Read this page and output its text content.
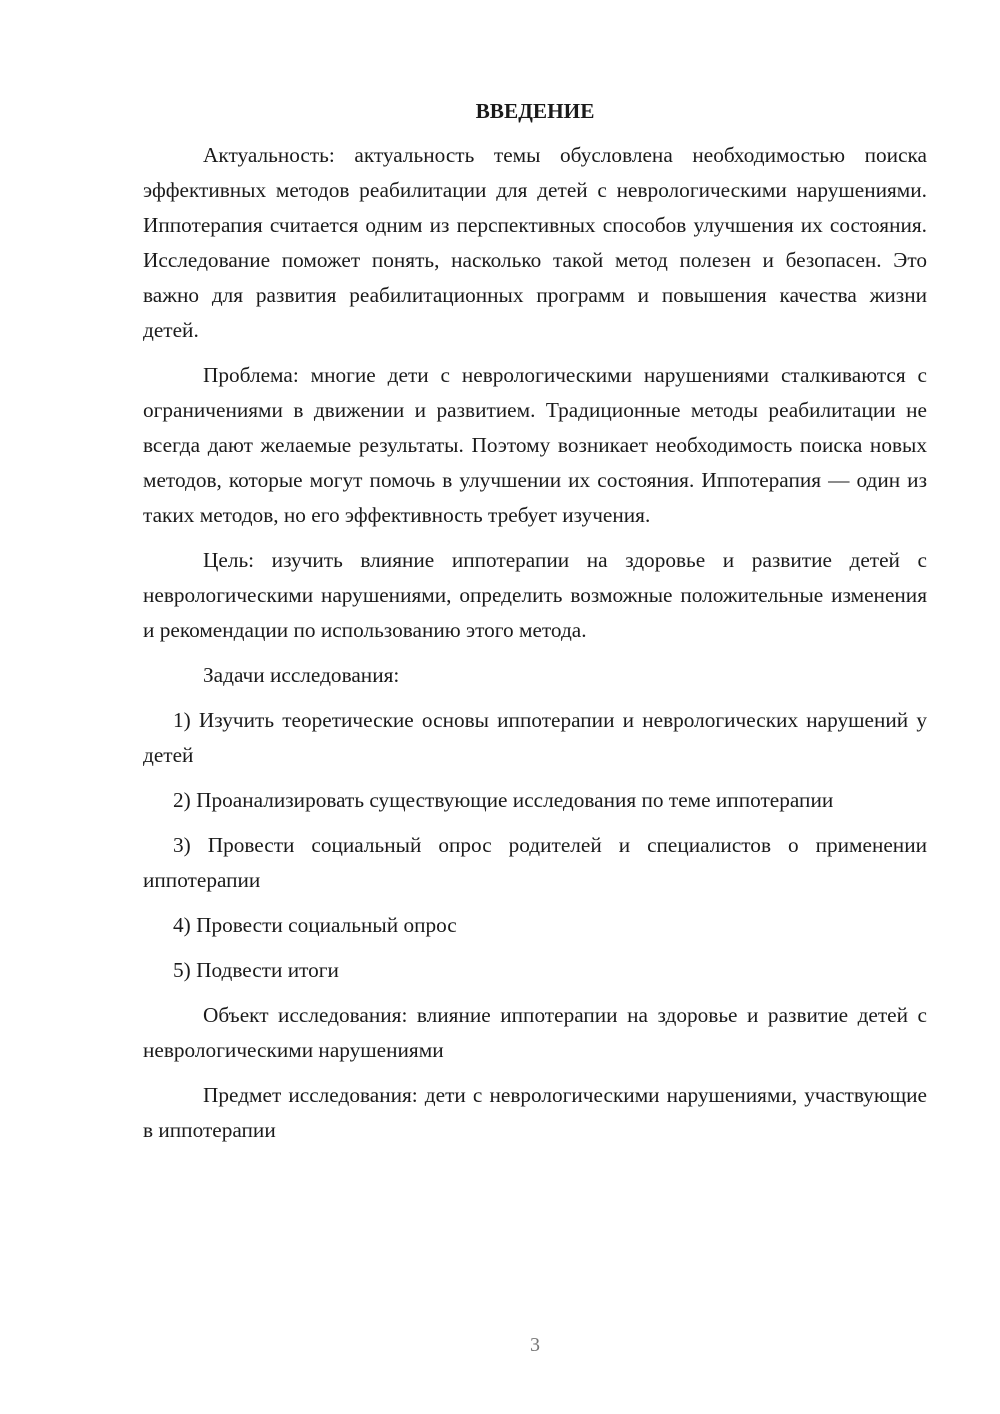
ВВЕДЕНИЕ

Актуальность: актуальность темы обусловлена необходимостью поиска эффективных методов реабилитации для детей с неврологическими нарушениями. Иппотерапия считается одним из перспективных способов улучшения их состояния. Исследование поможет понять, насколько такой метод полезен и безопасен. Это важно для развития реабилитационных программ и повышения качества жизни детей.

Проблема: многие дети с неврологическими нарушениями сталкиваются с ограничениями в движении и развитием. Традиционные методы реабилитации не всегда дают желаемые результаты. Поэтому возникает необходимость поиска новых методов, которые могут помочь в улучшении их состояния. Иппотерапия — один из таких методов, но его эффективность требует изучения.

Цель: изучить влияние иппотерапии на здоровье и развитие детей с неврологическими нарушениями, определить возможные положительные изменения и рекомендации по использованию этого метода.

Задачи исследования:

1) Изучить теоретические основы иппотерапии и неврологических нарушений у детей

2) Проанализировать существующие исследования по теме иппотерапии

3) Провести социальный опрос родителей и специалистов о применении иппотерапии

4) Провести социальный опрос

5) Подвести итоги

Объект исследования: влияние иппотерапии на здоровье и развитие детей с неврологическими нарушениями

Предмет исследования: дети с неврологическими нарушениями, участвующие в иппотерапии

3
